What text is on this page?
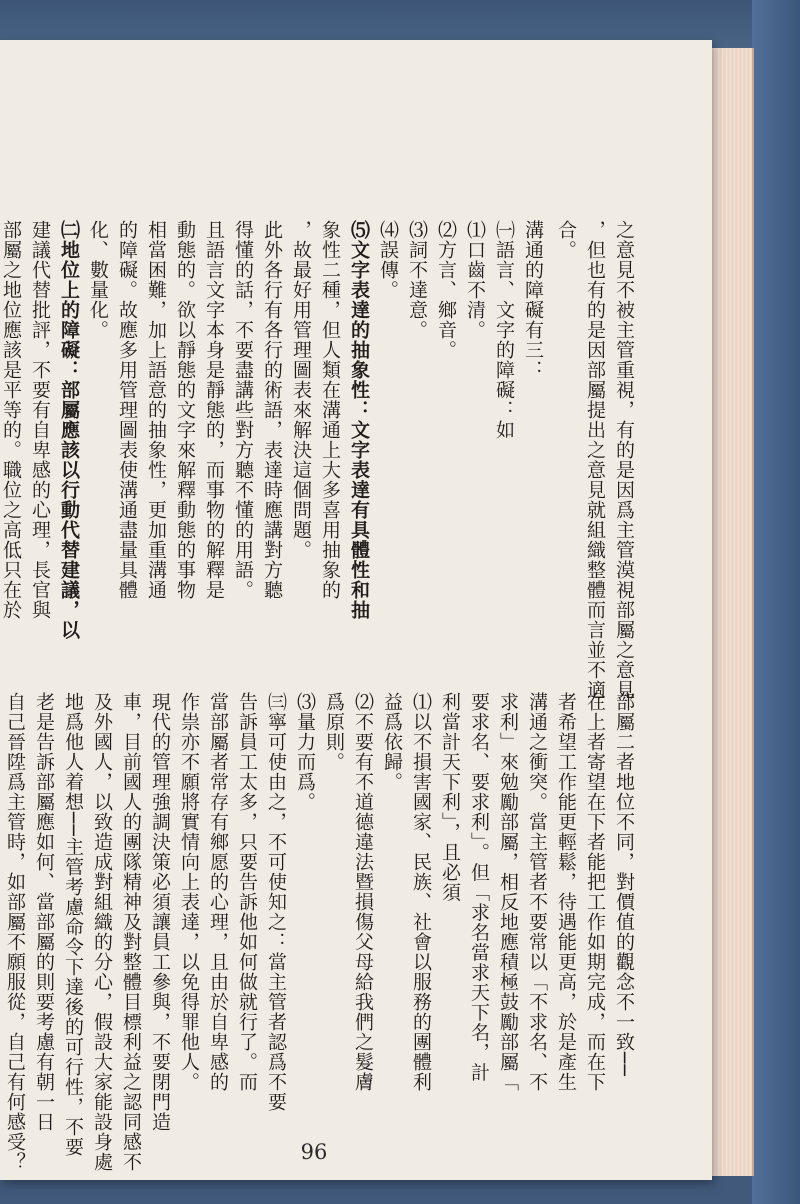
之意見不被主管重視，有的是因爲主管漠視部屬之意見
，但也有的是因部屬提出之意見就組織整體而言並不適
合。
溝通的障礙有三：
㈠語言、文字的障礙：如
⑴口齒不清。
⑵方言、鄉音。
⑶詞不達意。
⑷誤傳。
⑸文字表達的抽象性：文字表達有具體性和抽
象性二種，但人類在溝通上大多喜用抽象的
，故最好用管理圖表來解決這個問題。
此外各行有各行的術語，表達時應講對方聽
得懂的話，不要盡講些對方聽不懂的用語。
且語言文字本身是靜態的，而事物的解釋是
動態的。欲以靜態的文字來解釋動態的事物
相當困難，加上語意的抽象性，更加重溝通
的障礙。故應多用管理圖表使溝通盡量具體
化、數量化。
㈡地位上的障礙：部屬應該以行動代替建議，以
建議代替批評，不要有自卑感的心理，長官與
部屬之地位應該是平等的。職位之高低只在於
部屬二者地位不同，對價值的觀念不一致──
在上者寄望在下者能把工作如期完成，而在下
者希望工作能更輕鬆，待遇能更高，於是產生
溝通之衝突。當主管者不要常以「不求名、不
求利」來勉勵部屬，相反地應積極鼓勵部屬「
要求名、要求利」。但「求名當求天下名，計
利當計天下利」，且必須
⑴以不損害國家、民族、社會以服務的團體利
益爲依歸。
⑵不要有不道德違法暨損傷父母給我們之髮膚
爲原則。
⑶量力而爲。
㈢寧可使由之，不可使知之：當主管者認爲不要
告訴員工太多，只要告訴他如何做就行了。而
當部屬者常存有鄉愿的心理，且由於自卑感的
作祟亦不願將實情向上表達，以免得罪他人。
現代的管理強調決策必須讓員工參與，不要閉門造
車，目前國人的團隊精神及對整體目標利益之認同感不
及外國人，以致造成對組織的分心，假設大家能設身處
地爲他人着想──主管考慮命令下達後的可行性，不要
老是告訴部屬應如何、當部屬的則要考慮有朝一日
自己晉陞爲主管時，如部屬不願服從，自己有何感受？	96
